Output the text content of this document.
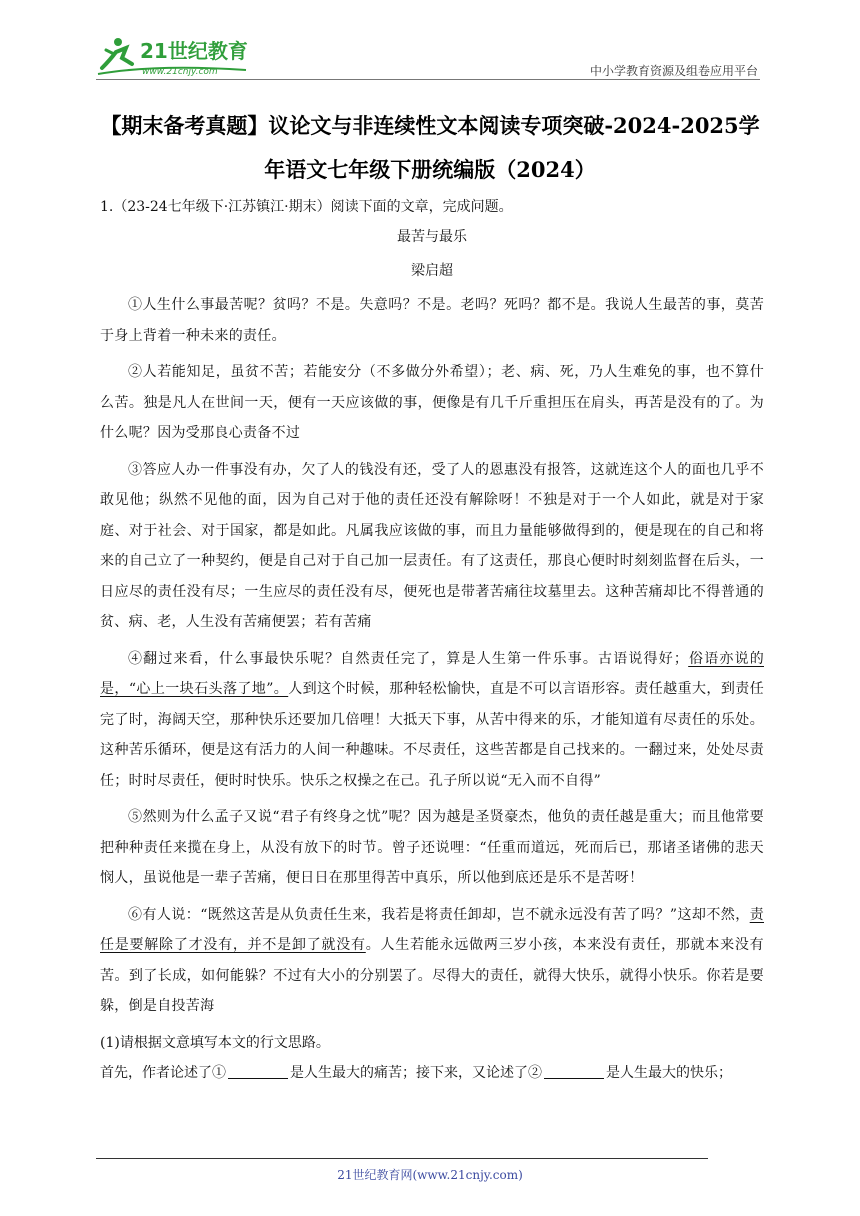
21世纪教育
www.21cnjy.com	中小学教育资源及组卷应用平台
【期末备考真题】议论文与非连续性文本阅读专项突破-2024-2025学
年语文七年级下册统编版（2024）

1.（23-24七年级下·江苏镇江·期末）阅读下面的文章，完成问题。

最苦与最乐

梁启超

①人生什么事最苦呢？贫吗？不是。失意吗？不是。老吗？死吗？都不是。我说人生最苦的事，莫苦于身上背着一种未来的责任。

②人若能知足，虽贫不苦；若能安分（不多做分外希望）；老、病、死，乃人生难免的事，也不算什么苦。独是凡人在世间一天，便有一天应该做的事，便像是有几千斤重担压在肩头，再苦是没有的了。为什么呢？因为受那良心责备不过

③答应人办一件事没有办，欠了人的钱没有还，受了人的恩惠没有报答，这就连这个人的面也几乎不敢见他；纵然不见他的面，因为自己对于他的责任还没有解除呀！不独是对于一个人如此，就是对于家庭、对于社会、对于国家，都是如此。凡属我应该做的事，而且力量能够做得到的，便是现在的自己和将来的自己立了一种契约，便是自己对于自己加一层责任。有了这责任，那良心便时时刻刻监督在后头，一日应尽的责任没有尽；一生应尽的责任没有尽，便死也是带著苦痛往坟墓里去。这种苦痛却比不得普通的贫、病、老，人生没有苦痛便罢；若有苦痛

④翻过来看，什么事最快乐呢？自然责任完了，算是人生第一件乐事。古语说得好；俗语亦说的是，“心上一块石头落了地”。人到这个时候，那种轻松愉快，直是不可以言语形容。责任越重大，到责任完了时，海阔天空，那种快乐还要加几倍哩！大抵天下事，从苦中得来的乐，才能知道有尽责任的乐处。这种苦乐循环，便是这有活力的人间一种趣味。不尽责任，这些苦都是自己找来的。一翻过来，处处尽责任；时时尽责任，便时时快乐。快乐之权操之在己。孔子所以说“无入而不自得”

⑤然则为什么孟子又说“君子有终身之忧”呢？因为越是圣贤豪杰，他负的责任越是重大；而且他常要把种种责任来揽在身上，从没有放下的时节。曾子还说哩：“任重而道远，死而后已，那诸圣诸佛的悲天悯人，虽说他是一辈子苦痛，便日日在那里得苦中真乐，所以他到底还是乐不是苦呀！

⑥有人说：“既然这苦是从负责任生来，我若是将责任卸却，岂不就永远没有苦了吗？”这却不然，责任是要解除了才没有，并不是卸了就没有。人生若能永远做两三岁小孩，本来没有责任，那就本来没有苦。到了长成，如何能躲？不过有大小的分别罢了。尽得大的责任，就得大快乐，就得小快乐。你若是要躲，倒是自投苦海

(1)请根据文意填写本文的行文思路。

首先，作者论述了①	是人生最大的痛苦；接下来，又论述了②	是人生最大的快乐；

21世纪教育网(www.21cnjy.com)
